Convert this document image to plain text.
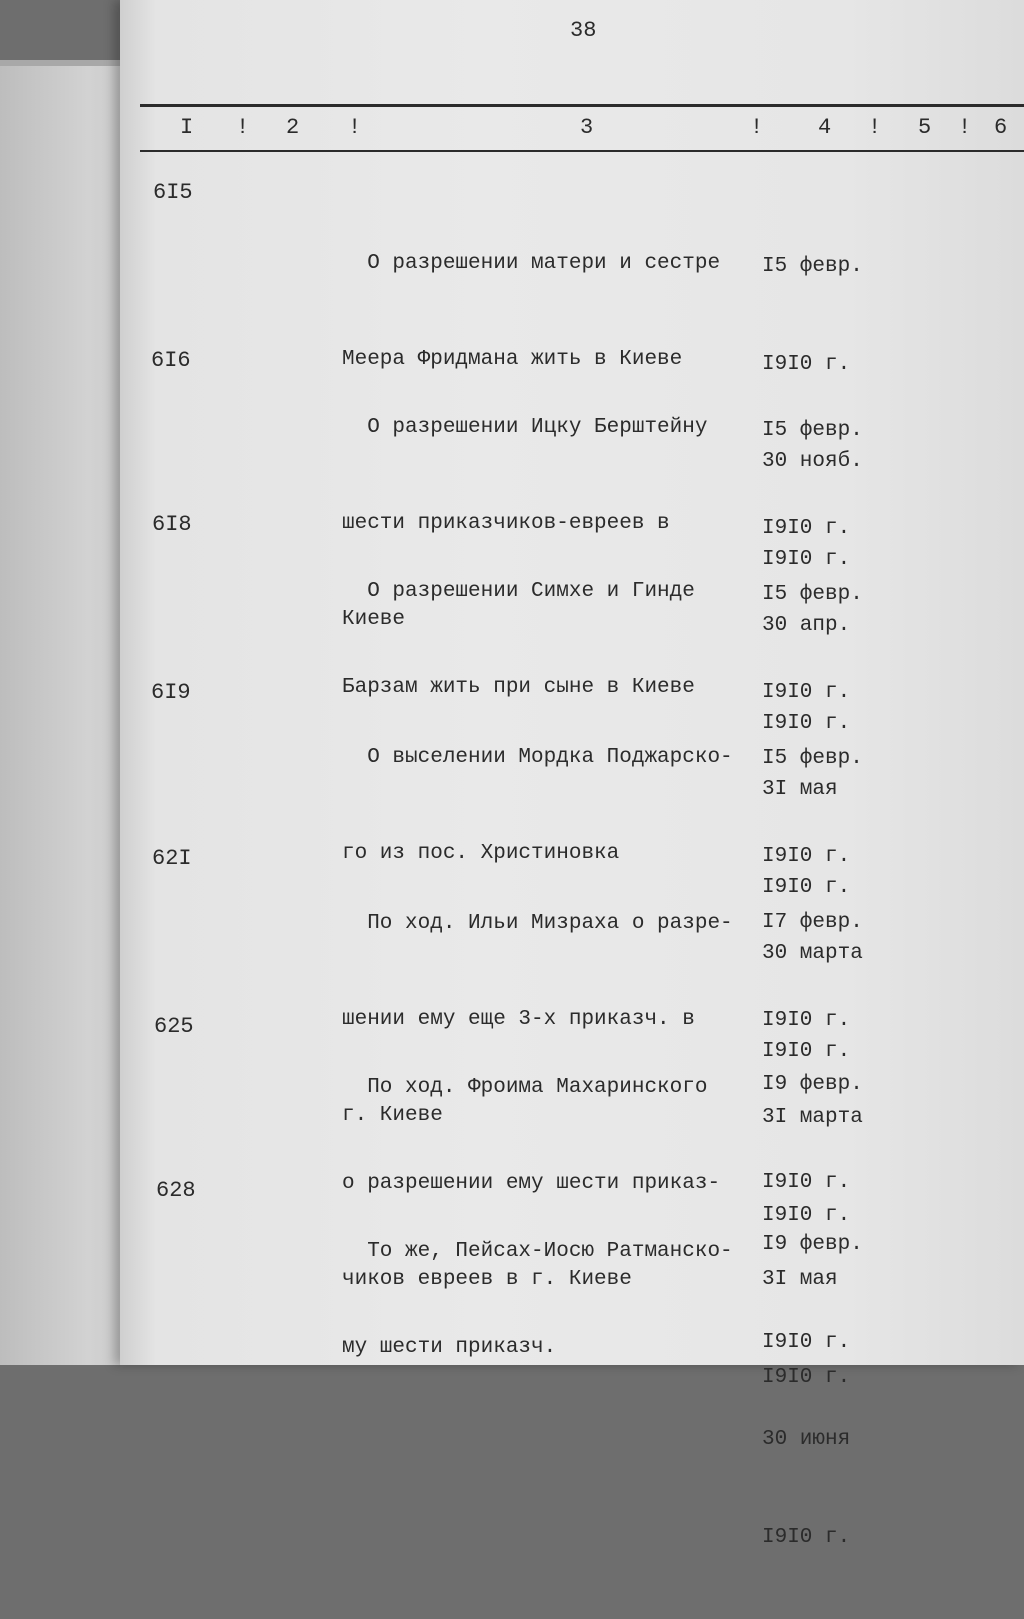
38
I ! 2 !	3	! 4 ! 5 ! 6
6I5

О разрешении матери и сестре

Меера Фридмана жить в Киеве

I5 февр.

I9I0 г.

30 нояб.

I9I0 г.

6I6

О разрешении Ицку Берштейну

шести приказчиков-евреев в

Киеве

I5 февр.

I9I0 г.

30 апр.

I9I0 г.

6I8

О разрешении Симхе и Гинде

Барзам жить при сыне в Киеве

I5 февр.

I9I0 г.

3I мая

I9I0 г.

6I9

О выселении Мордка Поджарско-

го из пос. Христиновка

I5 февр.

I9I0 г.

30 марта

I9I0 г.

62I

По ход. Ильи Мизраха о разре-

шении ему еще 3-х приказч. в

г. Киеве

I7 февр.

I9I0 г.

3I марта

I9I0 г.

625

По ход. Фроима Махаринского

о разрешении ему шести приказ-

чиков евреев в г. Киеве

I9 февр.

I9I0 г.

3I мая

I9I0 г.

628

То же, Пейсах-Иосю Ратманско-

му шести приказч.

I9 февр.

I9I0 г.

30 июня

I9I0 г.
